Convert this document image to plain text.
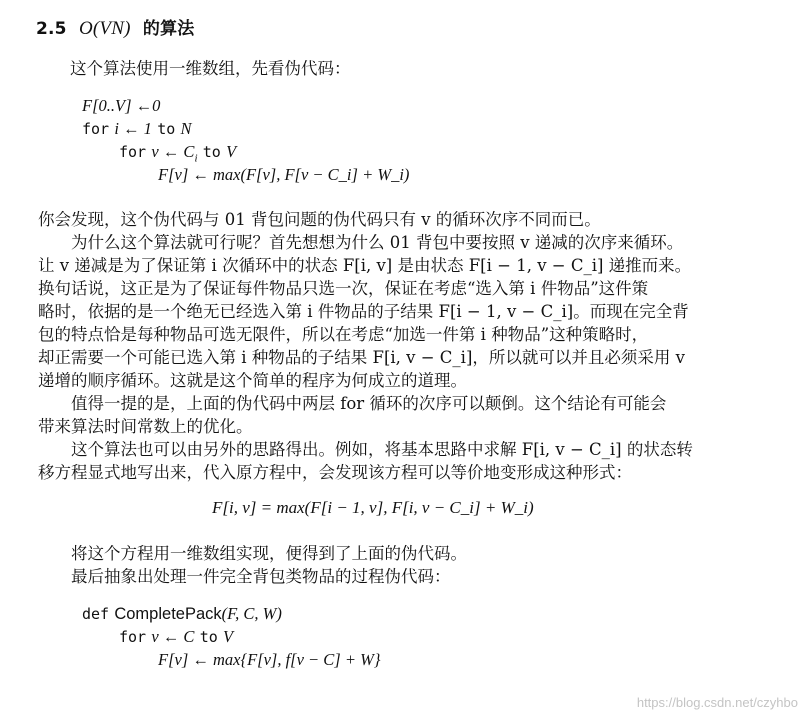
2.5 O(VN) 的算法
这个算法使用一维数组，先看伪代码：
F[0..V] ←0
for i ← 1 to N
for v ← $C_i$ to V
F[v] ← max(F[v], F[v − C_i] + W_i)
你会发现，这个伪代码与 01 背包问题的伪代码只有 v 的循环次序不同而已。
　　为什么这个算法就可行呢？首先想想为什么 01 背包中要按照 v 递减的次序来循环。
让 v 递减是为了保证第 i 次循环中的状态 F[i, v] 是由状态 F[i − 1, v − C_i] 递推而来。
换句话说，这正是为了保证每件物品只选一次，保证在考虑“选入第 i 件物品”这件策
略时，依据的是一个绝无已经选入第 i 件物品的子结果 F[i − 1, v − C_i]。而现在完全背
包的特点恰是每种物品可选无限件，所以在考虑“加选一件第 i 种物品”这种策略时，
却正需要一个可能已选入第 i 种物品的子结果 F[i, v − C_i]，所以就可以并且必须采用 v
递增的顺序循环。这就是这个简单的程序为何成立的道理。
　　值得一提的是，上面的伪代码中两层 for 循环的次序可以颠倒。这个结论有可能会
带来算法时间常数上的优化。
　　这个算法也可以由另外的思路得出。例如，将基本思路中求解 F[i, v − C_i] 的状态转
移方程显式地写出来，代入原方程中，会发现该方程可以等价地变形成这种形式：
F[i, v] = max(F[i − 1, v], F[i, v − C_i] + W_i)
　　将这个方程用一维数组实现，便得到了上面的伪代码。
　　最后抽象出处理一件完全背包类物品的过程伪代码：
def CompletePack(F, C, W)
for v ← C to V
F[v] ← max{F[v], f[v − C] + W}
https://blog.csdn.net/czyhbo
